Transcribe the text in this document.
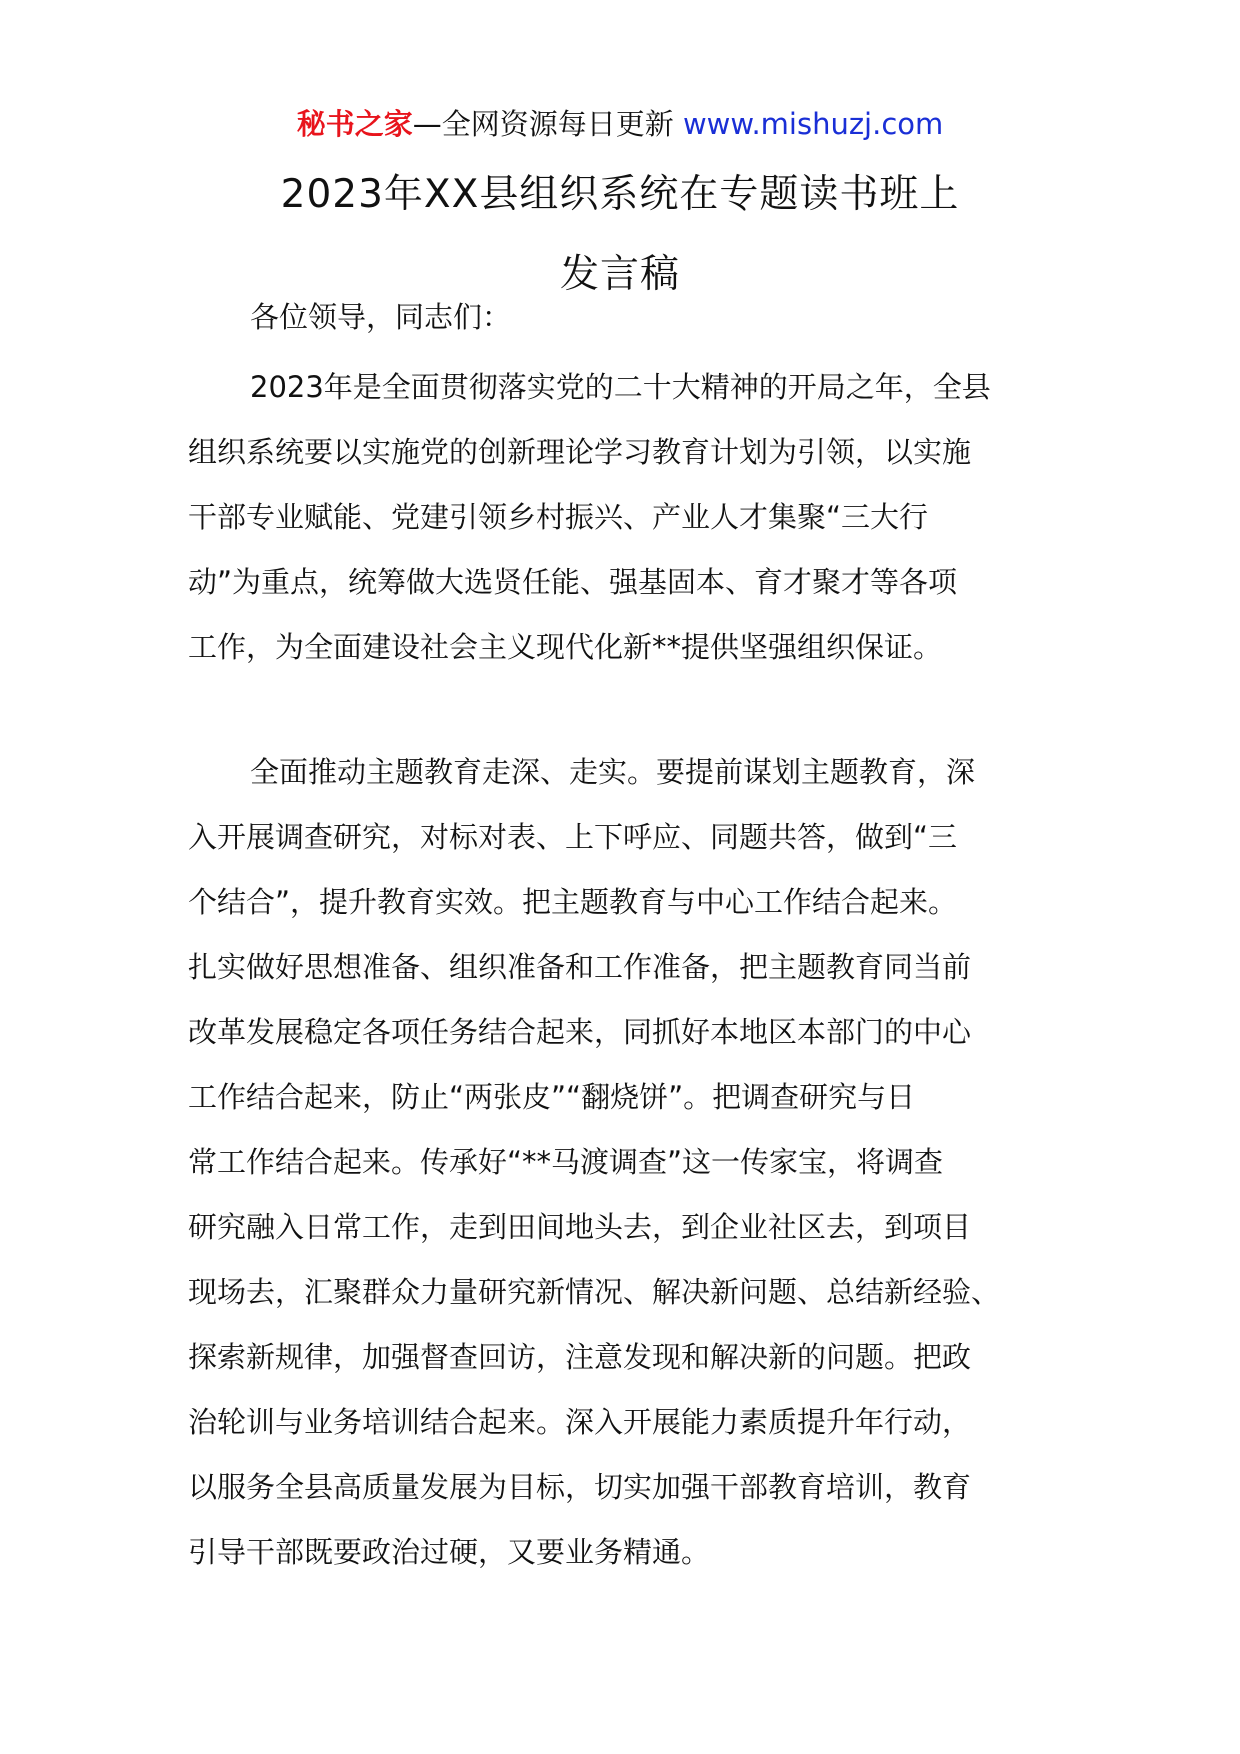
秘书之家—全网资源每日更新 www.mishuzj.com
2023年XX县组织系统在专题读书班上
发言稿
各位领导，同志们：
2023年是全面贯彻落实党的二十大精神的开局之年，全县
组织系统要以实施党的创新理论学习教育计划为引领，以实施
干部专业赋能、党建引领乡村振兴、产业人才集聚“三大行
动”为重点，统筹做大选贤任能、强基固本、育才聚才等各项
工作，为全面建设社会主义现代化新**提供坚强组织保证。
全面推动主题教育走深、走实。要提前谋划主题教育，深
入开展调查研究，对标对表、上下呼应、同题共答，做到“三
个结合”，提升教育实效。把主题教育与中心工作结合起来。
扎实做好思想准备、组织准备和工作准备，把主题教育同当前
改革发展稳定各项任务结合起来，同抓好本地区本部门的中心
工作结合起来，防止“两张皮”“翻烧饼”。把调查研究与日
常工作结合起来。传承好“**马渡调查”这一传家宝，将调查
研究融入日常工作，走到田间地头去，到企业社区去，到项目
现场去，汇聚群众力量研究新情况、解决新问题、总结新经验、
探索新规律，加强督查回访，注意发现和解决新的问题。把政
治轮训与业务培训结合起来。深入开展能力素质提升年行动，
以服务全县高质量发展为目标，切实加强干部教育培训，教育
引导干部既要政治过硬，又要业务精通。
